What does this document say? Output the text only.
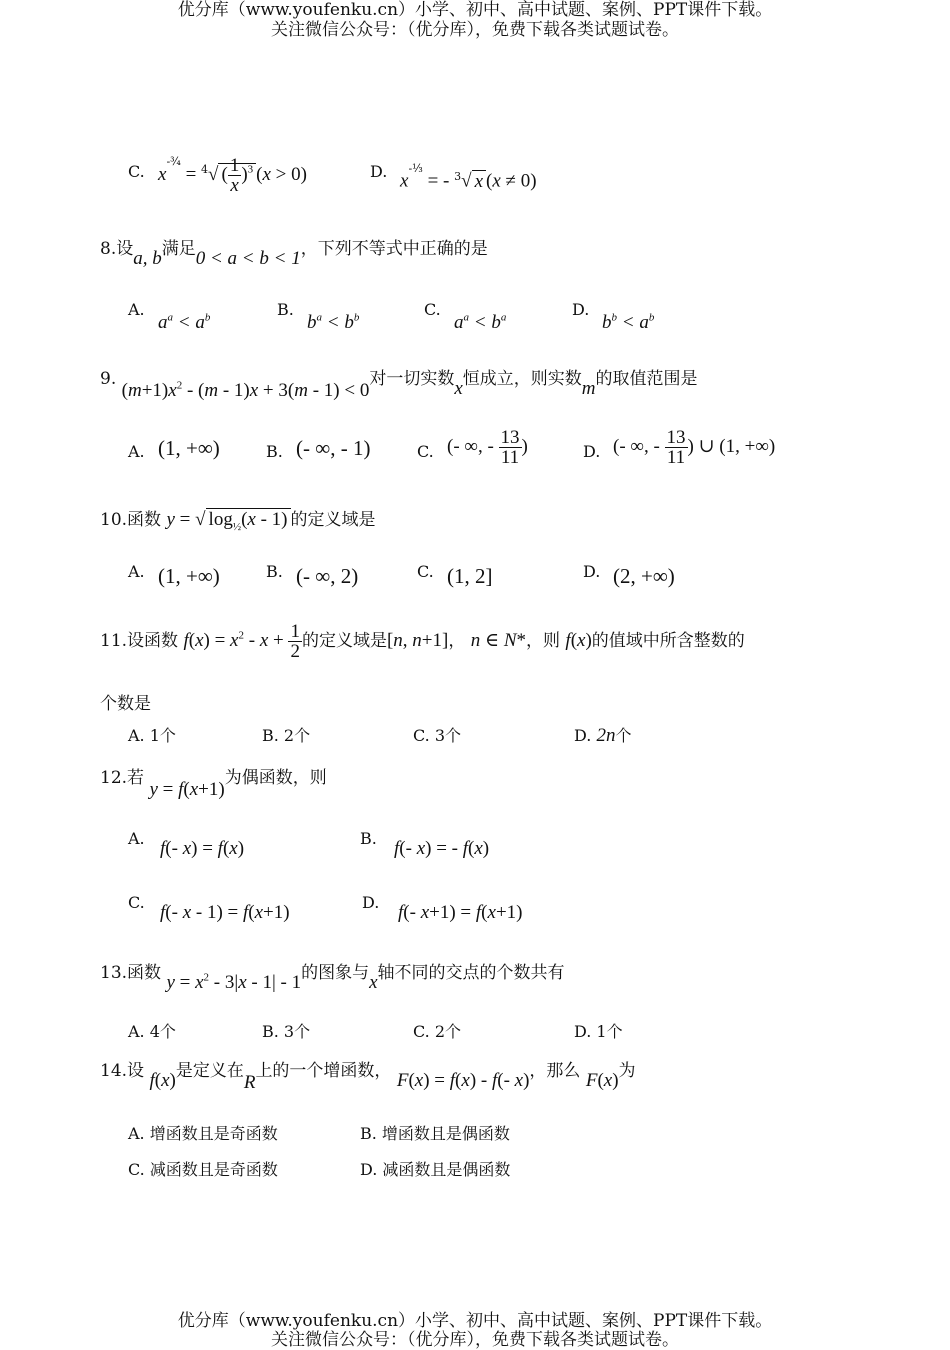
优分库（www.youfenku.cn）小学、初中、高中试题、案例、PPT课件下载。
关注微信公众号：（优分库），免费下载各类试题试卷。
C. $x^{-\frac{3}{4}} = ^4√$ ( $\frac{1}{x} )^3$ (x > 0)	D. $x^{-\frac{1}{3}}$ = - $^3$√ x (x ≠ 0)
8.设a, b满足0 < a < b < 1，下列不等式中正确的是
A.
$a^a < a^b$	B.
$b^a < b^b$	C.
$a^a < b^a$	D.
$b^b < a^b$
9. $(m+1)x^2 - (m - 1)x + 3(m - 1) < 0$对一切实数x恒成立，则实数m的取值范围是
A. (1, +∞)	B. (- ∞, - 1)	C. (- ∞, - $\frac{13}{11}$ )	D. (- ∞, - $\frac{13}{11}$ ) ∪ (1, +∞)
10.函数 y = √ $\log_{\frac{1}{2}}(x - 1)$ 的定义域是
A. (1, +∞)	B. (- ∞, 2)	C. (1, 2]	D. (2, +∞)
11.设函数 $f(x) = x^2 - x + \frac{1}{2}$ 的定义域是[n, n+1]， n ∈ N*，则 f(x)的值域中所含整数的
个数是
A. 1个	B. 2个	C. 3个	D. 2n个
12.若 y = f(x+1)为偶函数，则
A. f(- x) = f(x)	B. f(- x) = - f(x)
C. f(- x - 1) = f(x+1)	D. f(- x+1) = f(x+1)
13.函数 $y = x^2 - 3|x - 1| - 1$的图象与x轴不同的交点的个数共有
A. 4个	B. 3个	C. 2个	D. 1个
14.设 f(x)是定义在R上的一个增函数， F(x) = f(x) - f(- x)，那么 F(x)为
A. 增函数且是奇函数	B. 增函数且是偶函数
C. 减函数且是奇函数	D. 减函数且是偶函数
优分库（www.youfenku.cn）小学、初中、高中试题、案例、PPT课件下载。
关注微信公众号：（优分库），免费下载各类试题试卷。
